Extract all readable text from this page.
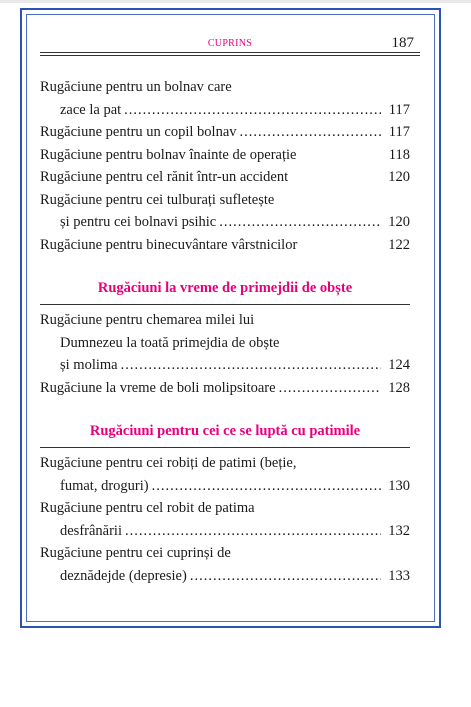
CUPRINS	187
Rugăciune pentru un bolnav care
zace la pat .....	117
Rugăciune pentru un copil bolnav .....	117
Rugăciune pentru bolnav înainte de operație	118
Rugăciune pentru cel rănit într-un accident	120
Rugăciune pentru cei tulburați sufletește
și pentru cei bolnavi psihic .....	120
Rugăciune pentru binecuvântare vârstnicilor	122
Rugăciuni la vreme de primejdii de obște
Rugăciune pentru chemarea milei lui
Dumnezeu la toată primejdia de obște
și molima .....	124
Rugăciune la vreme de boli molipsitoare .....	128
Rugăciuni pentru cei ce se luptă cu patimile
Rugăciune pentru cei robiți de patimi (beție,
fumat, droguri) .....	130
Rugăciune pentru cel robit de patima
desfrânării .....	132
Rugăciune pentru cei cuprinși de
deznădejde (depresie) .....	133
